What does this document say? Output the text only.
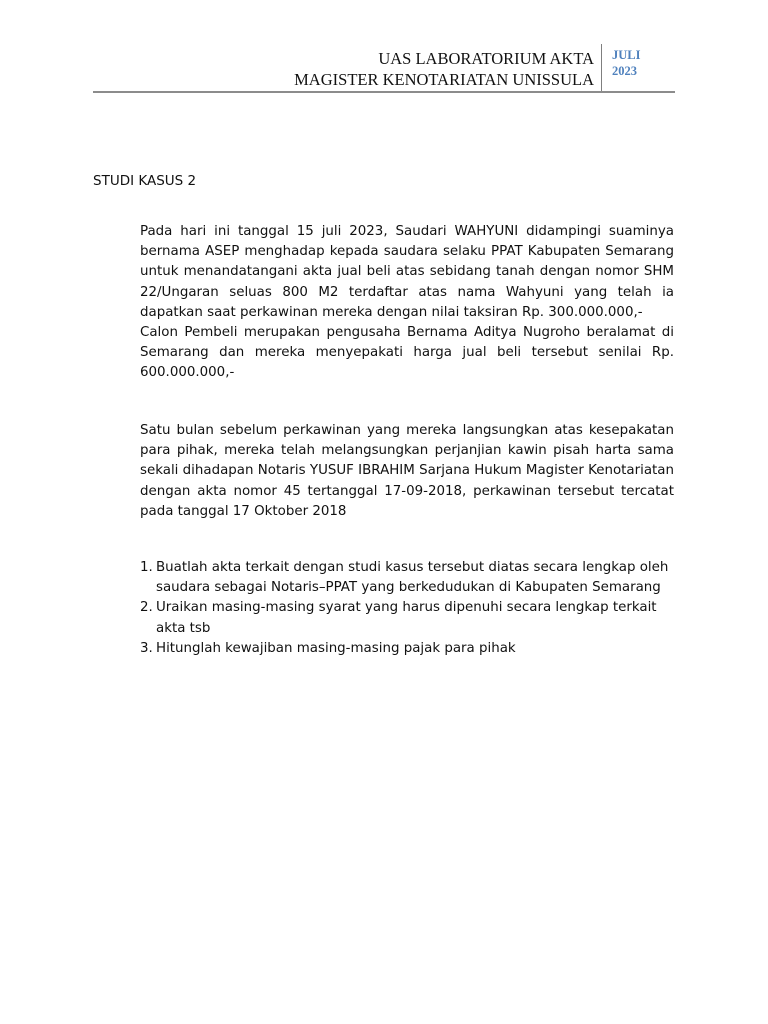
UAS LABORATORIUM AKTA
MAGISTER KENOTARIATAN UNISSULA
JULI
2023
STUDI KASUS 2
Pada hari ini tanggal 15 juli 2023, Saudari WAHYUNI didampingi suaminya bernama ASEP menghadap kepada saudara selaku PPAT Kabupaten Semarang untuk menandatangani akta jual beli atas sebidang tanah dengan nomor SHM 22/Ungaran seluas 800 M2 terdaftar atas nama Wahyuni yang telah ia dapatkan saat perkawinan mereka dengan nilai taksiran Rp. 300.000.000,-
Calon Pembeli merupakan pengusaha Bernama Aditya Nugroho beralamat di Semarang dan mereka menyepakati harga jual beli tersebut senilai Rp. 600.000.000,-
Satu bulan sebelum perkawinan yang mereka langsungkan atas kesepakatan para pihak, mereka telah melangsungkan perjanjian kawin pisah harta sama sekali dihadapan Notaris YUSUF IBRAHIM Sarjana Hukum Magister Kenotariatan dengan akta nomor 45 tertanggal 17-09-2018, perkawinan tersebut tercatat pada tanggal 17 Oktober 2018
1. Buatlah akta terkait dengan studi kasus tersebut diatas secara lengkap oleh saudara sebagai Notaris–PPAT yang berkedudukan di Kabupaten Semarang
2. Uraikan masing-masing syarat yang harus dipenuhi secara lengkap terkait akta tsb
3. Hitunglah kewajiban masing-masing pajak para pihak
